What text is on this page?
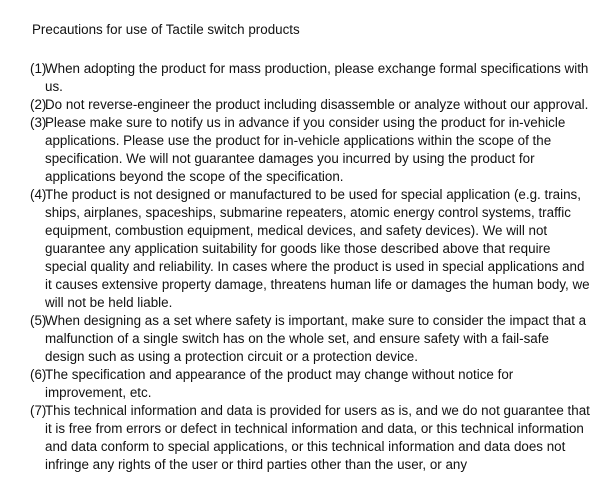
Precautions for use of Tactile switch products
(1)
When adopting the product for mass production, please exchange formal specifications with us.
(2)
Do not reverse-engineer the product including disassemble or analyze without our approval.
(3)
Please make sure to notify us in advance if you consider using the product for in-vehicle applications. Please use the product for in-vehicle applications within the scope of the specification. We will not guarantee damages you incurred by using the product for applications beyond the scope of the specification.
(4)
The product is not designed or manufactured to be used for special application (e.g. trains, ships, airplanes, spaceships, submarine repeaters, atomic energy control systems, traffic equipment, combustion equipment, medical devices, and safety devices). We will not guarantee any application suitability for goods like those described above that require special quality and reliability. In cases where the product is used in special applications and it causes extensive property damage, threatens human life or damages the human body, we will not be held liable.
(5)
When designing as a set where safety is important, make sure to consider the impact that a malfunction of a single switch has on the whole set, and ensure safety with a fail-safe design such as using a protection circuit or a protection device.
(6)
The specification and appearance of the product may change without notice for improvement, etc.
(7)
This technical information and data is provided for users as is, and we do not guarantee that it is free from errors or defect in technical information and data, or this technical information and data conform to special applications, or this technical information and data does not infringe any rights of the user or third parties other than the user, or any
